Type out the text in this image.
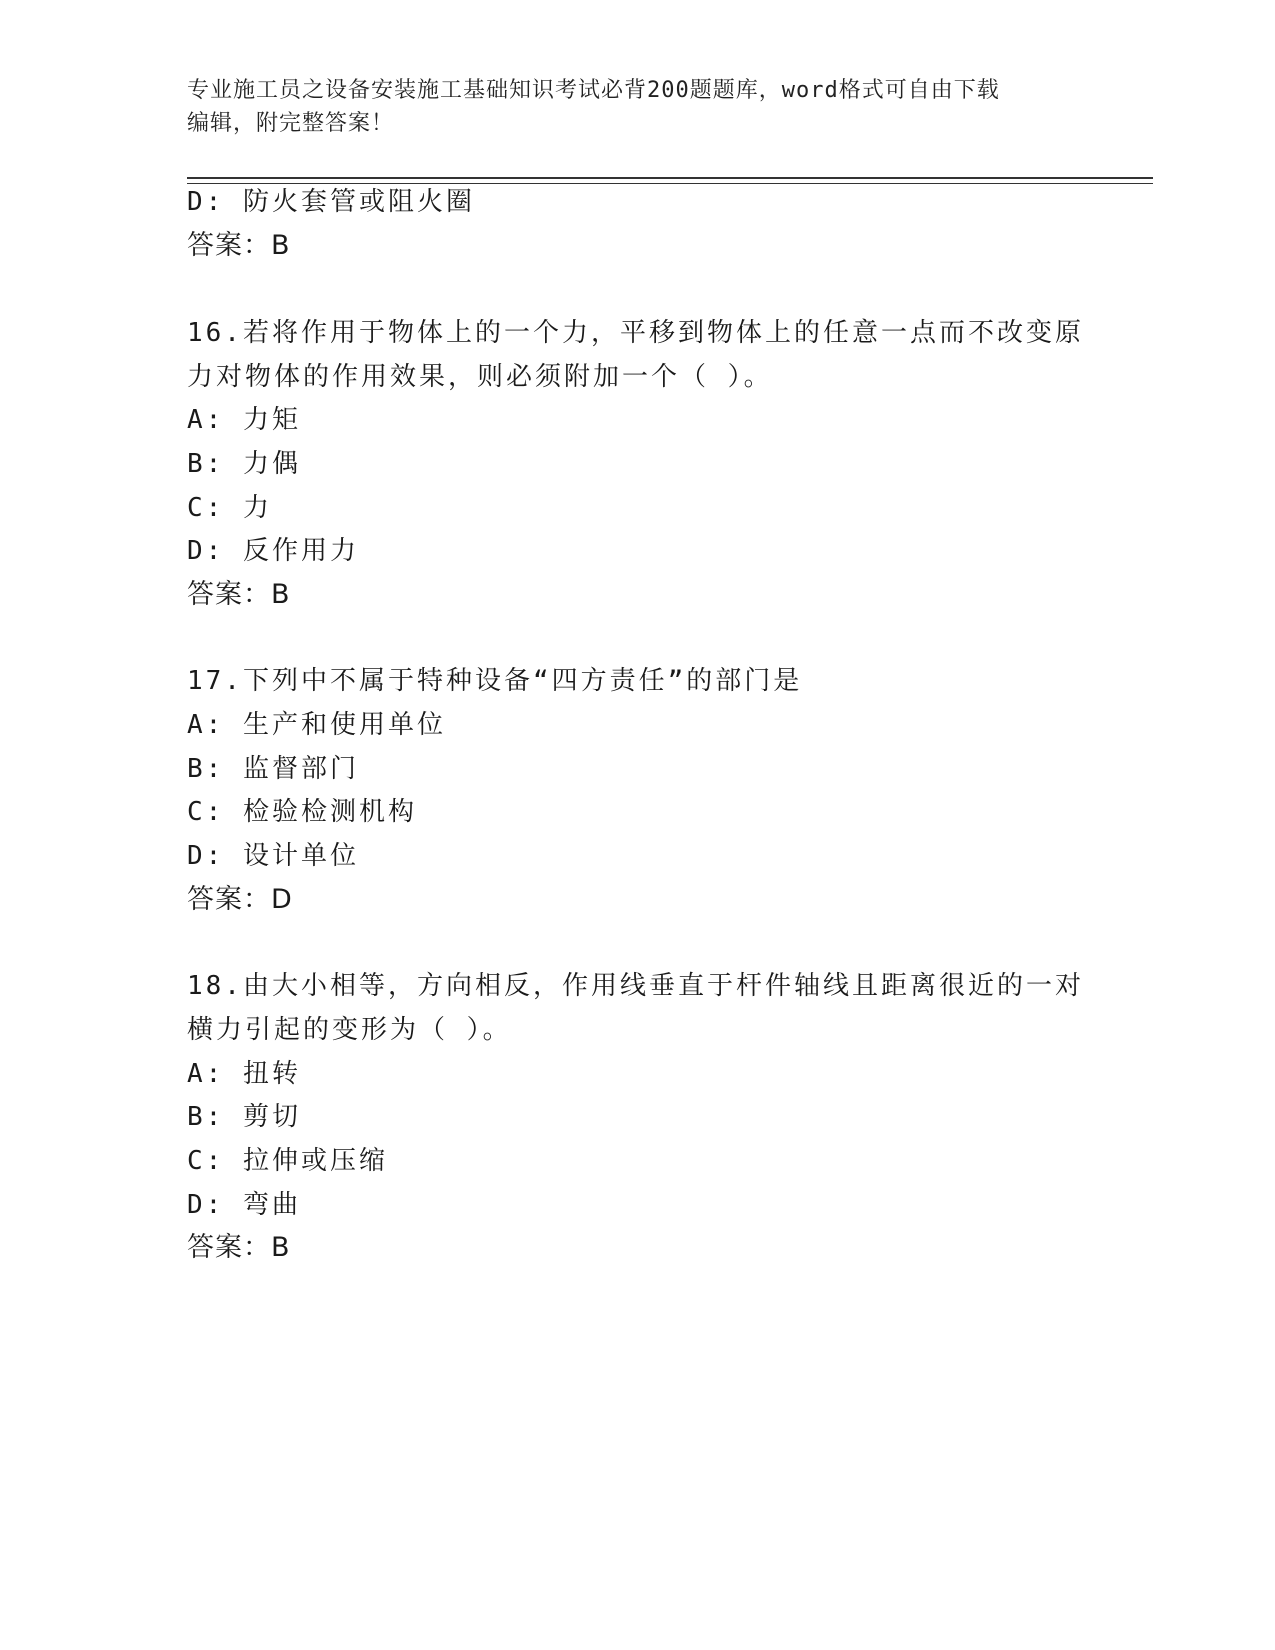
专业施工员之设备安装施工基础知识考试必背200题题库，word格式可自由下载
编辑，附完整答案！
D: 防火套管或阻火圈
答案：B
16.若将作用于物体上的一个力，平移到物体上的任意一点而不改变原
力对物体的作用效果，则必须附加一个（ ）。
A: 力矩
B: 力偶
C: 力
D: 反作用力
答案：B
17.下列中不属于特种设备“四方责任”的部门是
A: 生产和使用单位
B: 监督部门
C: 检验检测机构
D: 设计单位
答案：D
18.由大小相等，方向相反，作用线垂直于杆件轴线且距离很近的一对
横力引起的变形为（ ）。
A: 扭转
B: 剪切
C: 拉伸或压缩
D: 弯曲
答案：B
